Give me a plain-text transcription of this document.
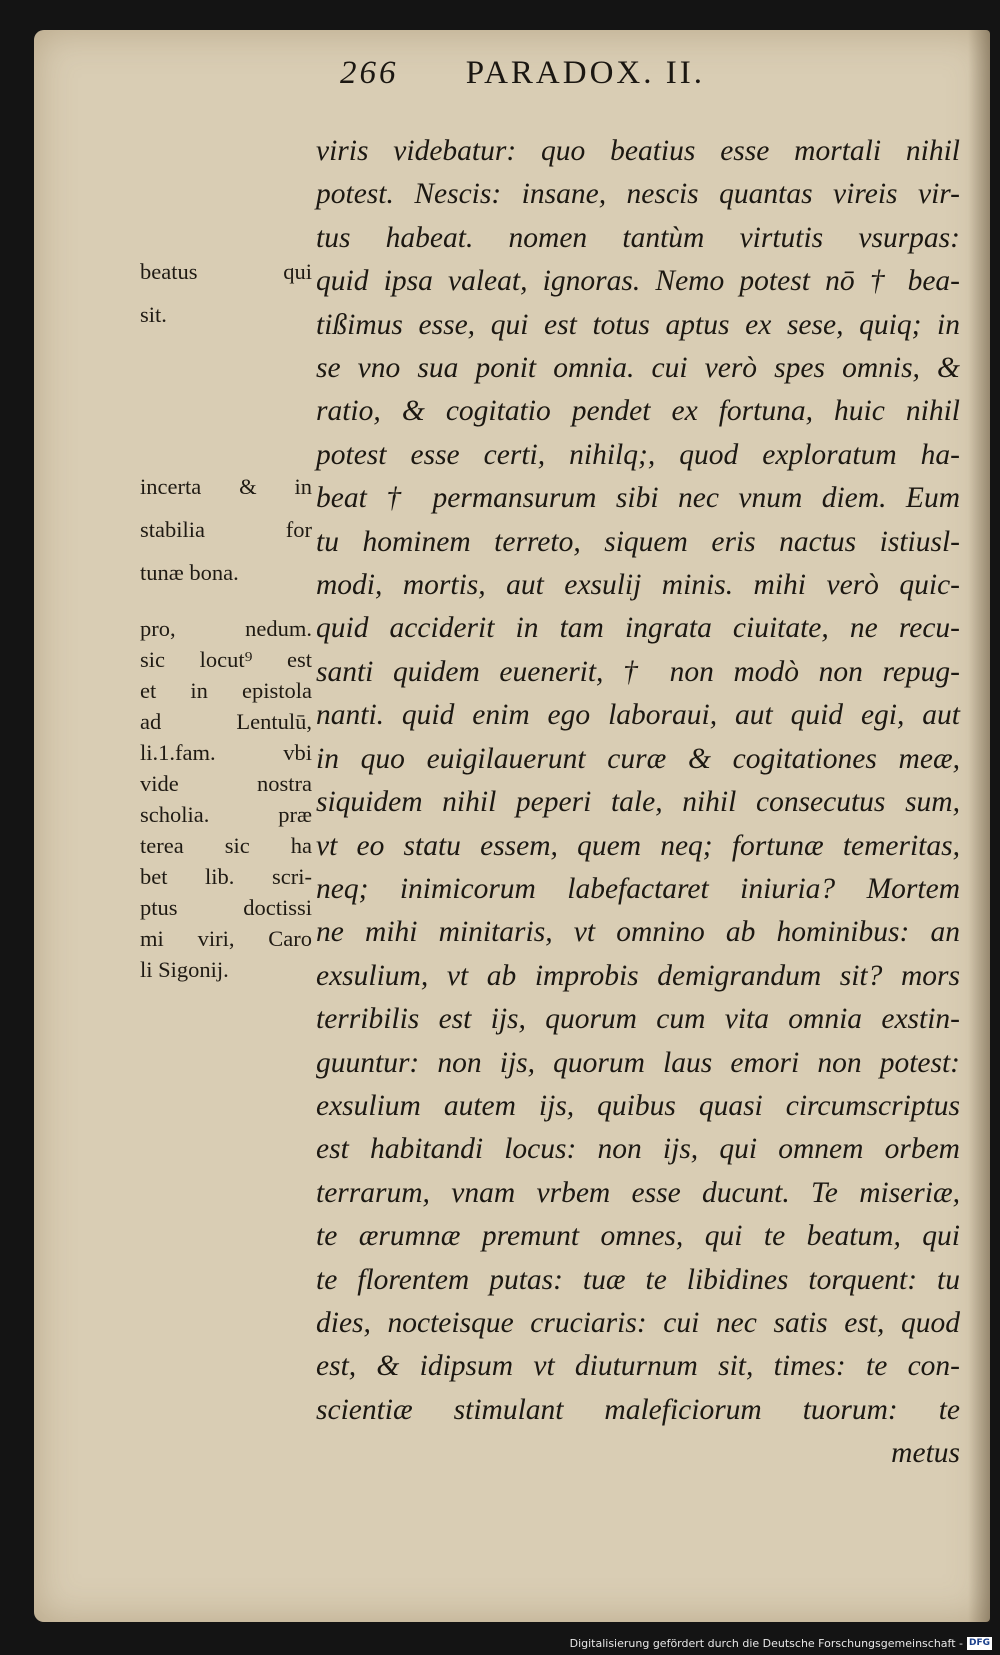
266 PARADOX. II.
viris videbatur: quo beatius esse mortali nihil
potest. Nescis: insane, nescis quantas vireis vir-
tus habeat. nomen tantùm virtutis vsurpas:
quid ipsa valeat, ignoras. Nemo potest nō † bea-
tißimus esse, qui est totus aptus ex sese, quiq; in
se vno sua ponit omnia. cui verò spes omnis, &
ratio, & cogitatio pendet ex fortuna, huic nihil
potest esse certi, nihilq;, quod exploratum ha-
beat † permansurum sibi nec vnum diem. Eum
tu hominem terreto, siquem eris nactus istiusl-
modi, mortis, aut exsulij minis. mihi verò quic-
quid acciderit in tam ingrata ciuitate, ne recu-
santi quidem euenerit, † non modò non repug-
nanti. quid enim ego laboraui, aut quid egi, aut
in quo euigilauerunt curæ & cogitationes meæ,
siquidem nihil peperi tale, nihil consecutus sum,
vt eo statu essem, quem neq; fortunæ temeritas,
neq; inimicorum labefactaret iniuria? Mortem
ne mihi minitaris, vt omnino ab hominibus: an
exsulium, vt ab improbis demigrandum sit? mors
terribilis est ijs, quorum cum vita omnia exstin-
guuntur: non ijs, quorum laus emori non potest:
exsulium autem ijs, quibus quasi circumscriptus
est habitandi locus: non ijs, qui omnem orbem
terrarum, vnam vrbem esse ducunt. Te miseriæ,
te ærumnæ premunt omnes, qui te beatum, qui
te florentem putas: tuæ te libidines torquent: tu
dies, nocteisque cruciaris: cui nec satis est, quod
est, & idipsum vt diuturnum sit, times: te con-
scientiæ stimulant maleficiorum tuorum: te
metus
beatus qui
sit.
incerta & in
stabilia for
tunæ bona.
pro, nedum.
sic locut⁹ est
et in epistola
ad Lentulū,
li.1.fam. vbi
vide nostra
scholia. præ
terea sic ha
bet lib. scri-
ptus doctissi
mi viri, Caro
li Sigonij.
Digitalisierung gefördert durch die Deutsche Forschungsgemeinschaft - DFG
